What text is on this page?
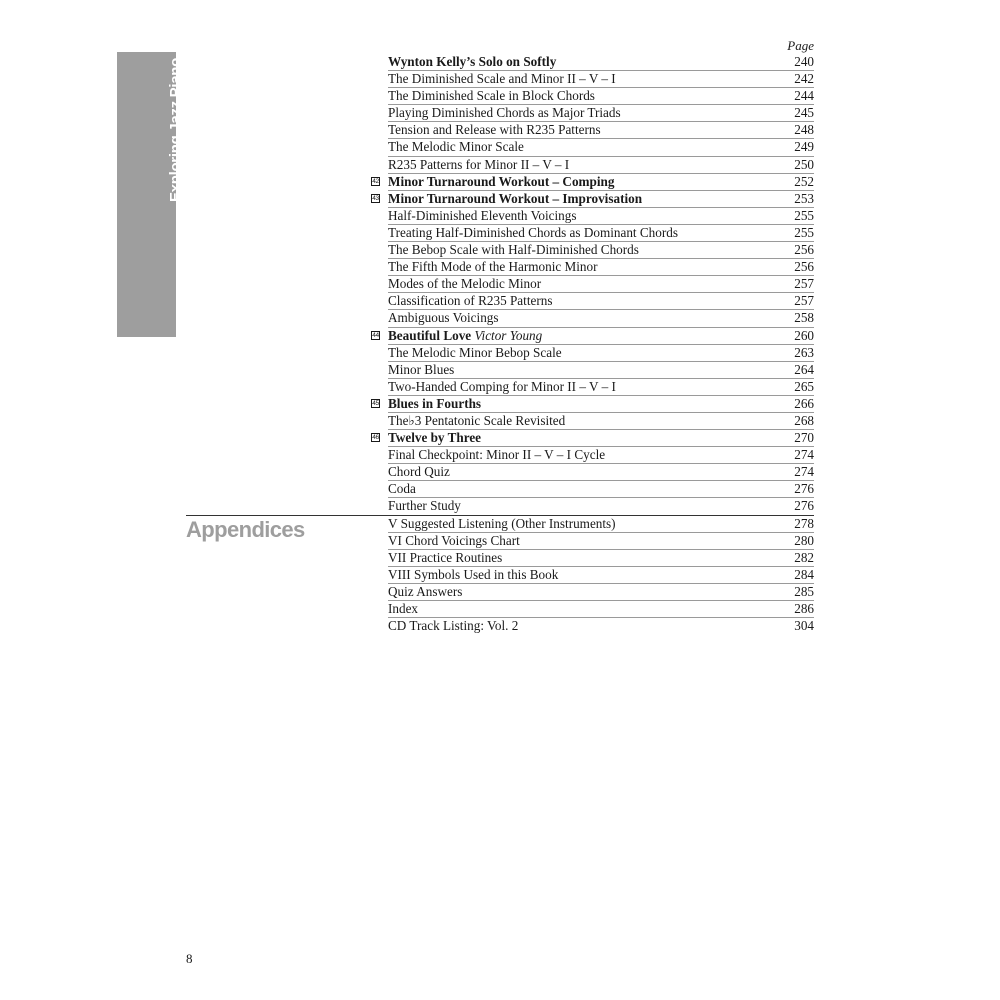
Exploring Jazz Piano
Page
Wynton Kelly’s Solo on Softly	240
The Diminished Scale and Minor II – V – I	242
The Diminished Scale in Block Chords	244
Playing Diminished Chords as Major Triads	245
Tension and Release with R235 Patterns	248
The Melodic Minor Scale	249
R235 Patterns for Minor II – V – I	250
42 Minor Turnaround Workout – Comping	252
43 Minor Turnaround Workout – Improvisation	253
Half-Diminished Eleventh Voicings	255
Treating Half-Diminished Chords as Dominant Chords	255
The Bebop Scale with Half-Diminished Chords	256
The Fifth Mode of the Harmonic Minor	256
Modes of the Melodic Minor	257
Classification of R235 Patterns	257
Ambiguous Voicings	258
44 Beautiful Love Victor Young	260
The Melodic Minor Bebop Scale	263
Minor Blues	264
Two-Handed Comping for Minor II – V – I	265
45 Blues in Fourths	266
The♭3 Pentatonic Scale Revisited	268
46 Twelve by Three	270
Final Checkpoint: Minor II – V – I Cycle	274
Chord Quiz	274
Coda	276
Further Study	276
V Suggested Listening (Other Instruments)	278
VI Chord Voicings Chart	280
VII Practice Routines	282
VIII Symbols Used in this Book	284
Quiz Answers	285
Index	286
CD Track Listing: Vol. 2	304
Appendices
8
